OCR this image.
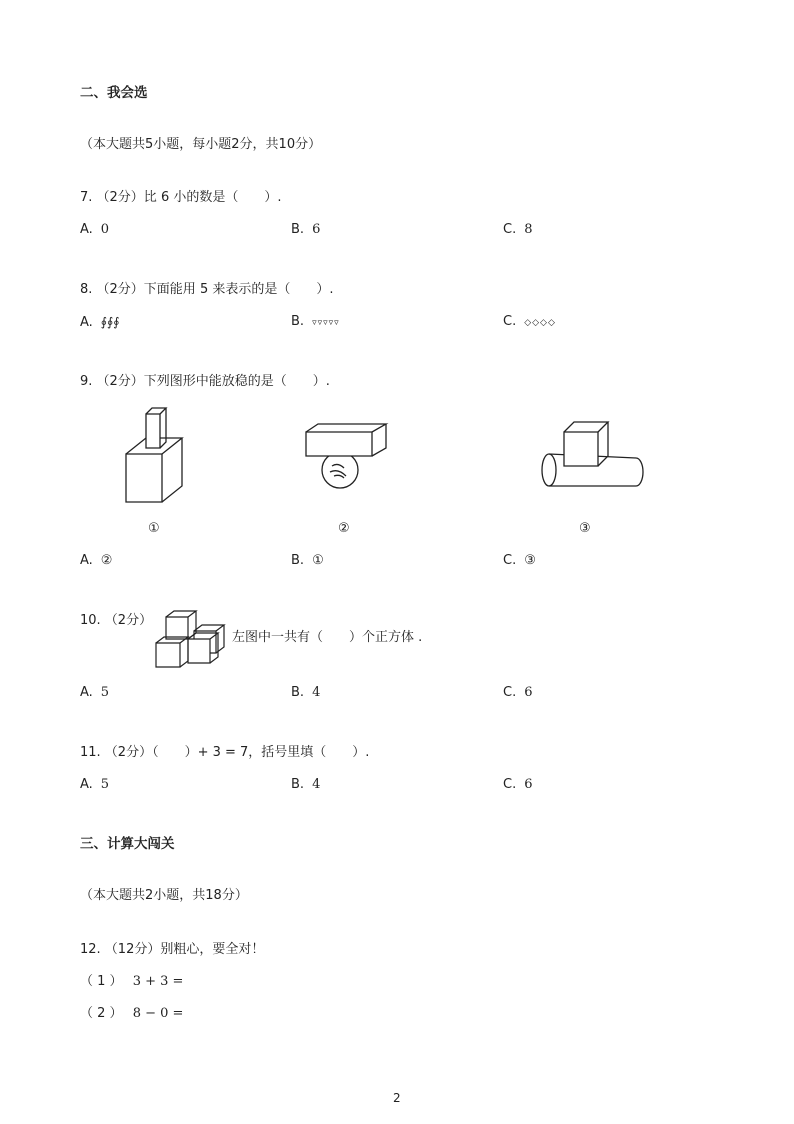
二、我会选
（本大题共5小题，每小题2分，共10分）
7. （2分）比 6 小的数是（　　）.
A. 0	B. 6	C. 8
8. （2分）下面能用 5 来表示的是（　　）.
A. ∮∮∮	B. ▿▿▿▿▿	C. ◇◇◇◇
9. （2分）下列图形中能放稳的是（　　）.
①	②	③
A. ②	B. ①	C. ③
10. （2分）
左图中一共有（　　）个正方体 .
A. 5	B. 4	C. 6
11. （2分）（　　）+ 3 = 7，括号里填（　　）.
A. 5	B. 4	C. 6
三、计算大闯关
（本大题共2小题，共18分）
12. （12分）别粗心，要全对！
（ 1 ） 3 + 3 =
（ 2 ） 8 − 0 =
2
